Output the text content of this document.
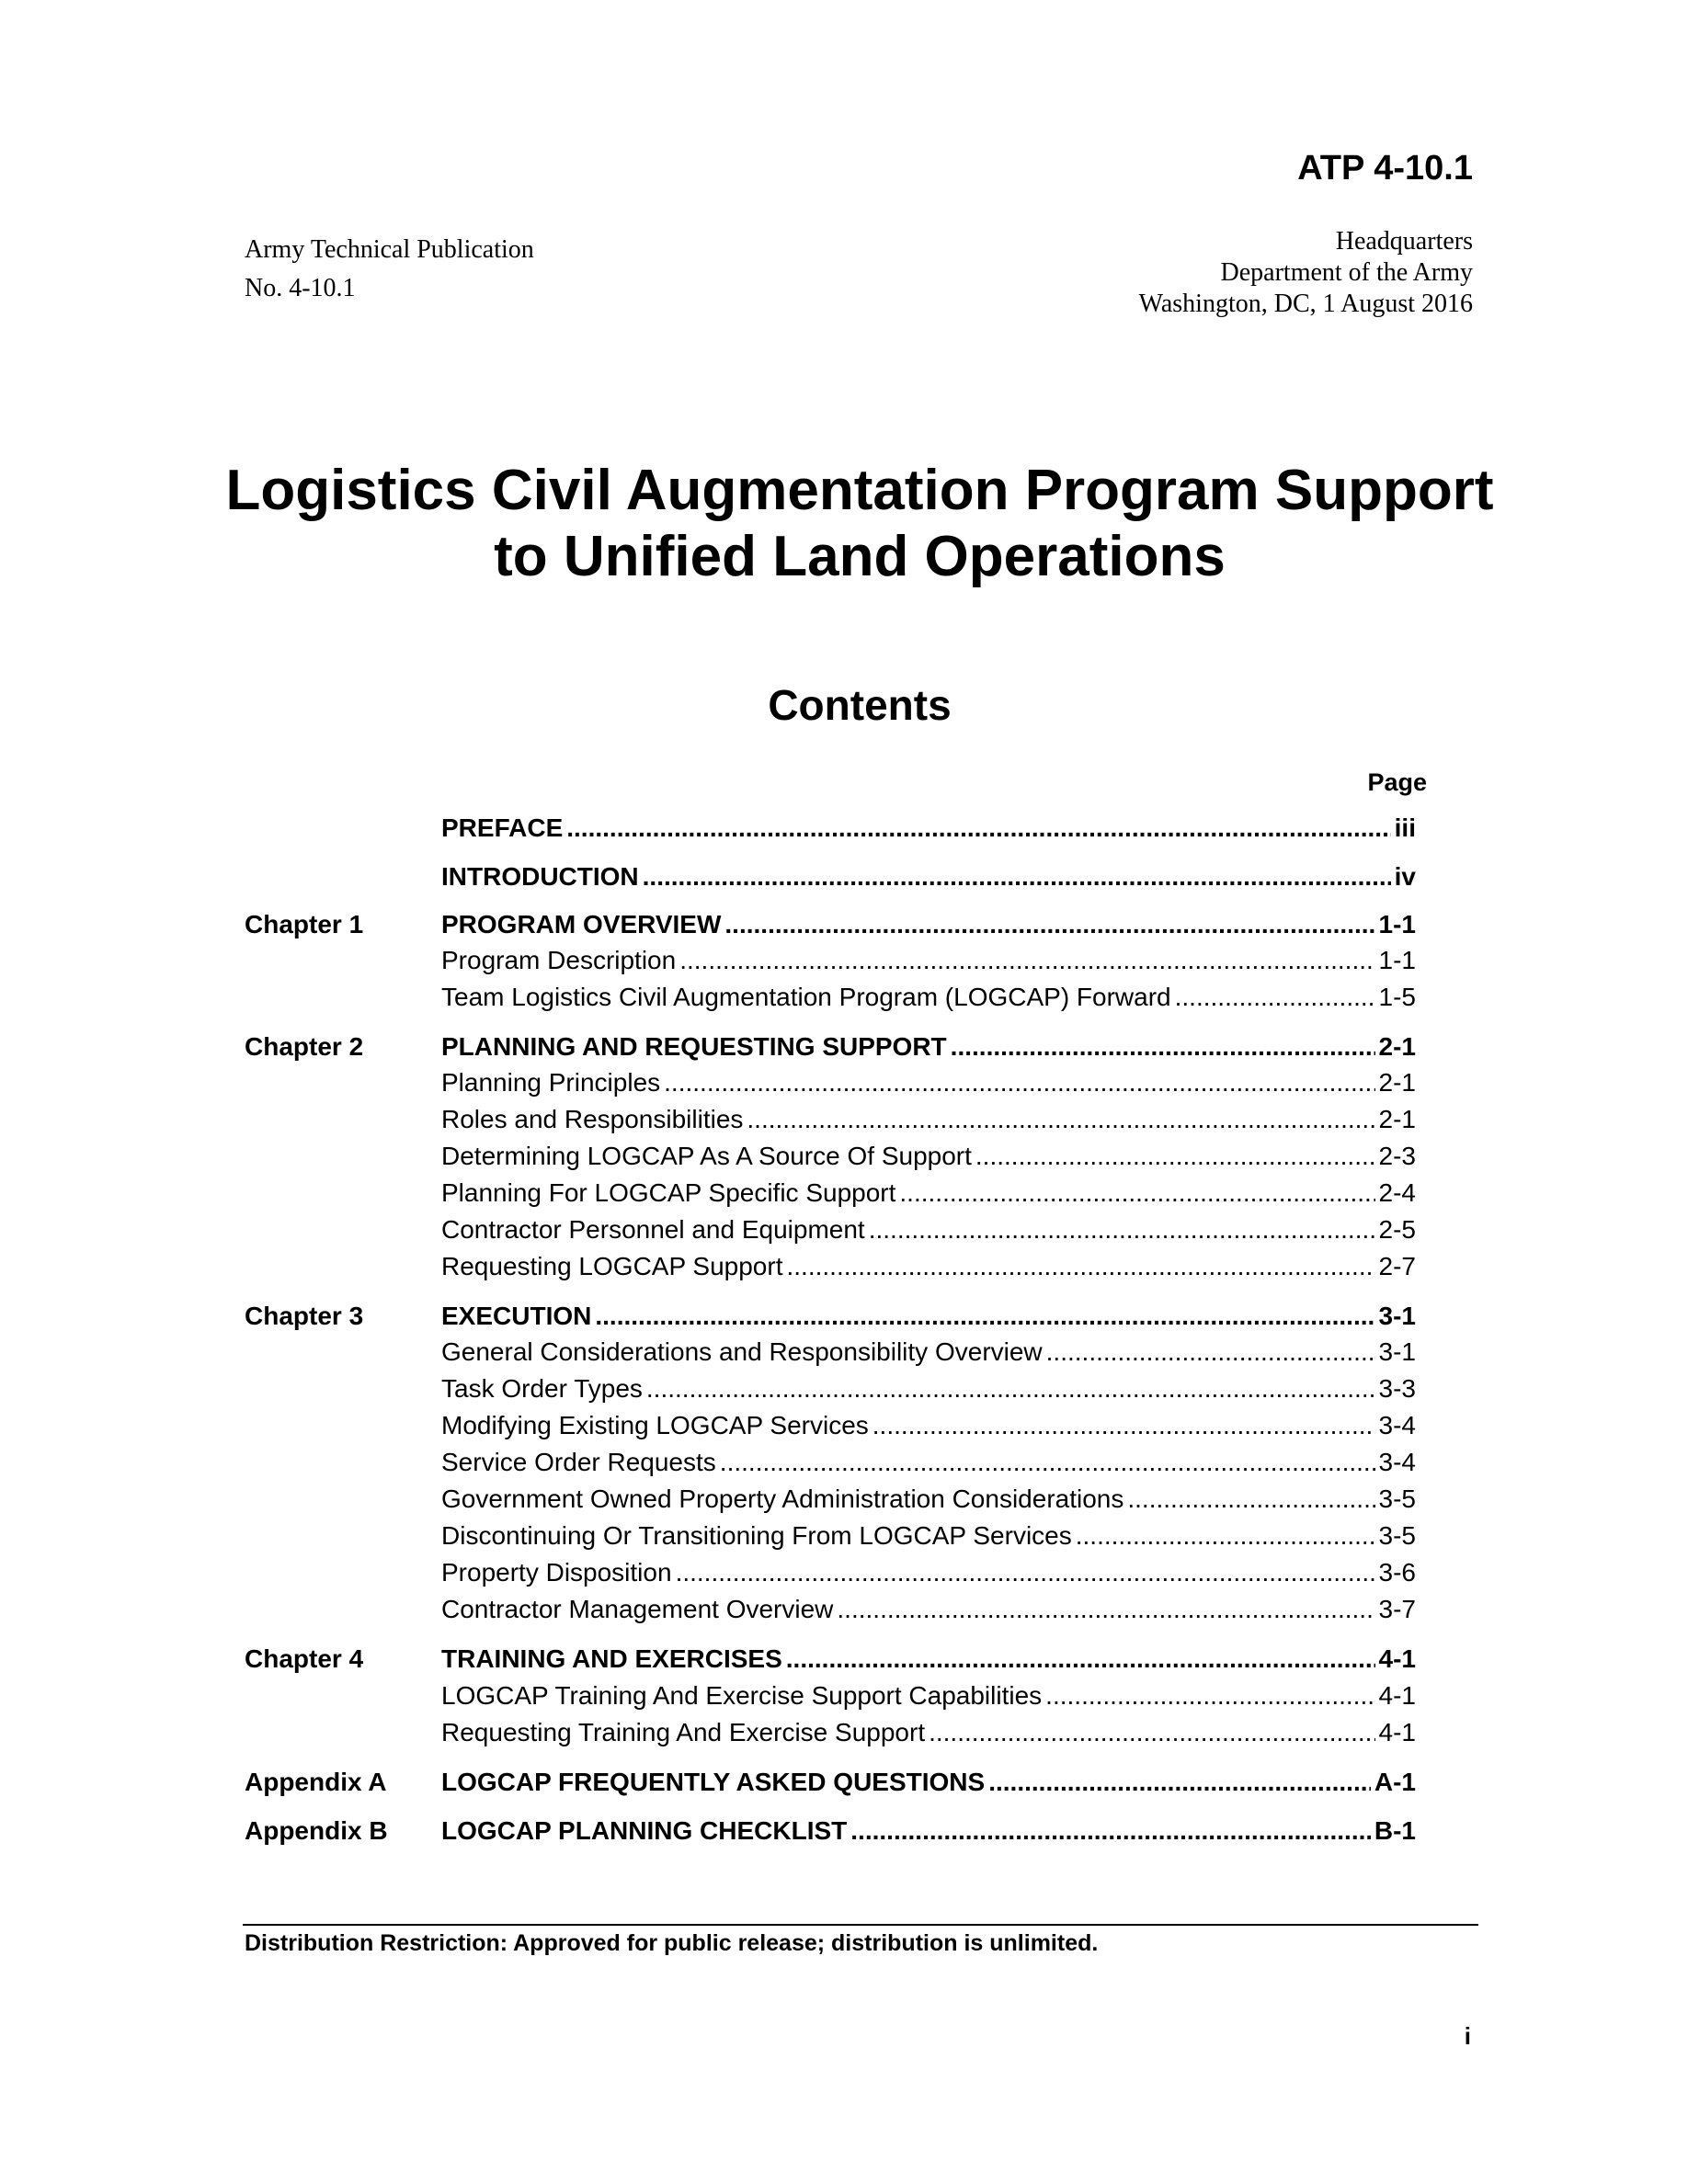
ATP 4-10.1
Army Technical Publication
No. 4-10.1
Headquarters
Department of the Army
Washington, DC, 1 August 2016
Logistics Civil Augmentation Program Support
to Unified Land Operations
Contents
Page
PREFACE .....	iii
INTRODUCTION .....	iv
Chapter 1	PROGRAM OVERVIEW .....	1-1
Program Description .....	1-1
Team Logistics Civil Augmentation Program (LOGCAP) Forward .....	1-5
Chapter 2	PLANNING AND REQUESTING SUPPORT .....	2-1
Planning Principles .....	2-1
Roles and Responsibilities .....	2-1
Determining LOGCAP As A Source Of Support .....	2-3
Planning For LOGCAP Specific Support .....	2-4
Contractor Personnel and Equipment .....	2-5
Requesting LOGCAP Support .....	2-7
Chapter 3	EXECUTION .....	3-1
General Considerations and Responsibility Overview .....	3-1
Task Order Types .....	3-3
Modifying Existing LOGCAP Services .....	3-4
Service Order Requests .....	3-4
Government Owned Property Administration Considerations .....	3-5
Discontinuing Or Transitioning From LOGCAP Services .....	3-5
Property Disposition .....	3-6
Contractor Management Overview .....	3-7
Chapter 4	TRAINING AND EXERCISES .....	4-1
LOGCAP Training And Exercise Support Capabilities .....	4-1
Requesting Training And Exercise Support .....	4-1
Appendix A LOGCAP FREQUENTLY ASKED QUESTIONS .....	A-1
Appendix B LOGCAP PLANNING CHECKLIST .....	B-1
Distribution Restriction: Approved for public release; distribution is unlimited.
i
